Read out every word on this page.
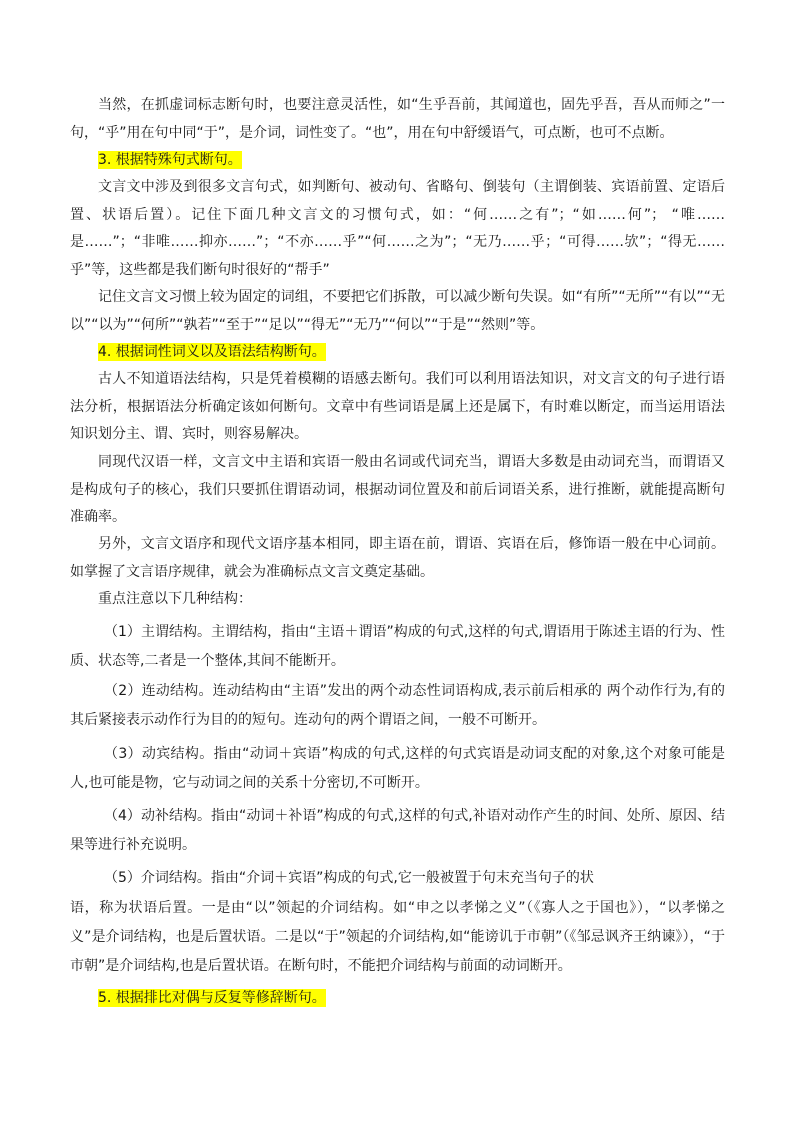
当然，在抓虚词标志断句时，也要注意灵活性，如“生乎吾前，其闻道也，固先乎吾，吾从而师之”一句，“乎”用在句中同“于”，是介词，词性变了。“也”，用在句中舒缓语气，可点断，也可不点断。

3. 根据特殊句式断句。

文言文中涉及到很多文言句式，如判断句、被动句、省略句、倒装句（主谓倒装、宾语前置、定语后置、状语后置）。记住下面几种文言文的习惯句式，如：“何……之有”；“如……何”； “唯……是……”；“非唯……抑亦……”；“不亦……乎”“何……之为”；“无乃……乎；“可得……欤”；“得无……乎”等，这些都是我们断句时很好的“帮手”

记住文言文习惯上较为固定的词组，不要把它们拆散，可以减少断句失误。如“有所”“无所”“有以”“无以”“以为”“何所”“孰若”“至于”“足以”“得无”“无乃”“何以”“于是”“然则”等。

4. 根据词性词义以及语法结构断句。

古人不知道语法结构，只是凭着模糊的语感去断句。我们可以利用语法知识，对文言文的句子进行语法分析，根据语法分析确定该如何断句。文章中有些词语是属上还是属下，有时难以断定，而当运用语法知识划分主、谓、宾时，则容易解决。

同现代汉语一样，文言文中主语和宾语一般由名词或代词充当，谓语大多数是由动词充当，而谓语又是构成句子的核心，我们只要抓住谓语动词，根据动词位置及和前后词语关系，进行推断，就能提高断句准确率。

另外，文言文语序和现代文语序基本相同，即主语在前，谓语、宾语在后，修饰语一般在中心词前。如掌握了文言语序规律，就会为准确标点文言文奠定基础。

重点注意以下几种结构：

（1）主谓结构。主谓结构，指由“主语＋谓语”构成的句式,这样的句式,谓语用于陈述主语的行为、性质、状态等,二者是一个整体,其间不能断开。

（2）连动结构。连动结构由“主语”发出的两个动态性词语构成,表示前后相承的 两个动作行为,有的其后紧接表示动作行为目的的短句。连动句的两个谓语之间，一般不可断开。

（3）动宾结构。指由“动词＋宾语”构成的句式,这样的句式宾语是动词支配的对象,这个对象可能是人,也可能是物，它与动词之间的关系十分密切,不可断开。

（4）动补结构。指由“动词＋补语”构成的句式,这样的句式,补语对动作产生的时间、处所、原因、结果等进行补充说明。

（5）介词结构。指由“介词＋宾语”构成的句式,它一般被置于句末充当句子的状

语，称为状语后置。一是由“以”领起的介词结构。如“申之以孝悌之义”（《寡人之于国也》），“以孝悌之义”是介词结构，也是后置状语。二是以“于”领起的介词结构,如“能谤讥于市朝”（《邹忌讽齐王纳谏》），“于市朝”是介词结构,也是后置状语。在断句时，不能把介词结构与前面的动词断开。

5. 根据排比对偶与反复等修辞断句。
